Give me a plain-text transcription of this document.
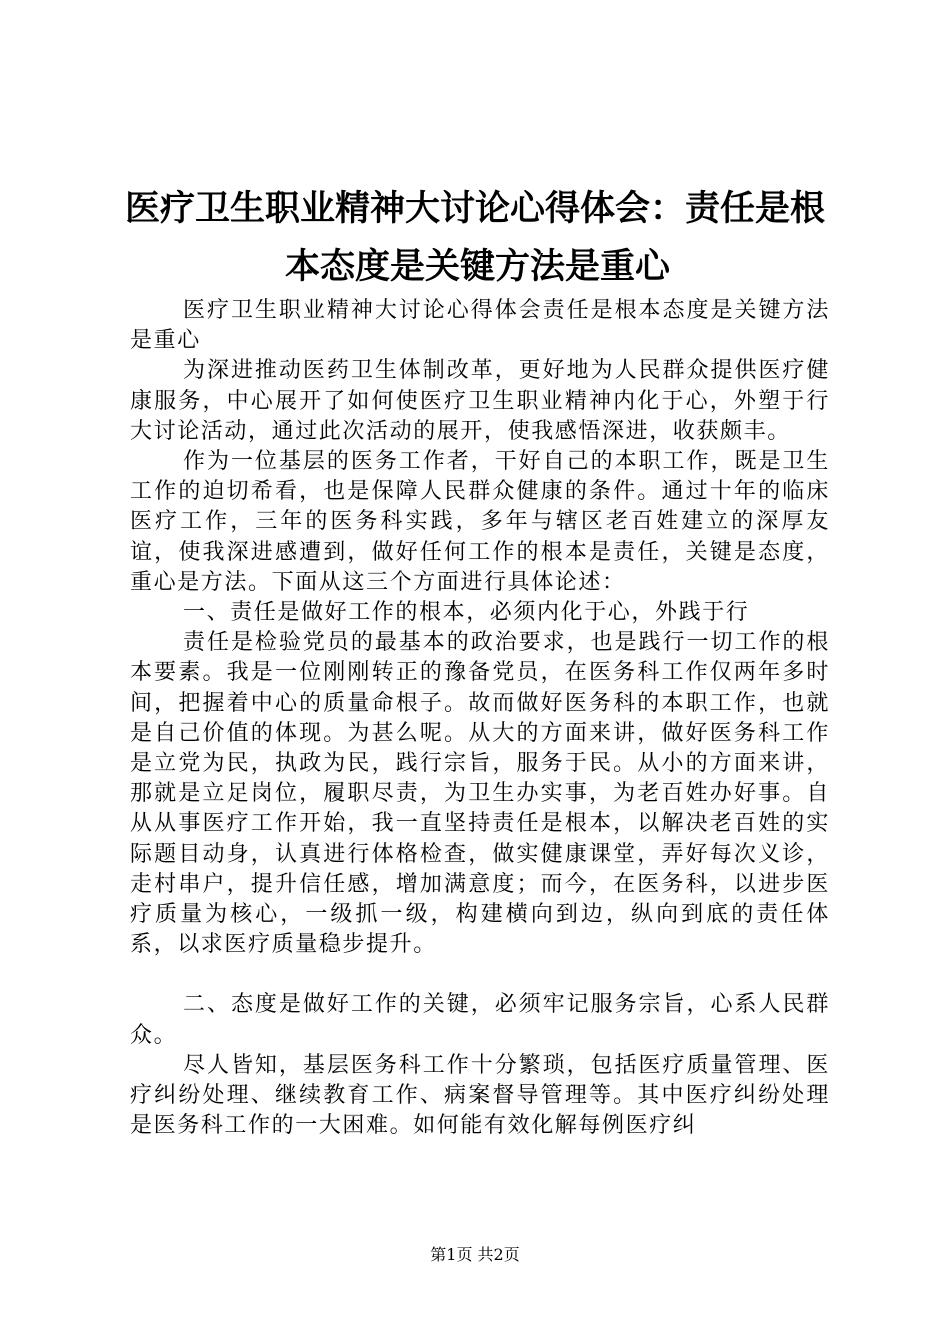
医疗卫生职业精神大讨论心得体会：责任是根
本态度是关键方法是重心

医疗卫生职业精神大讨论心得体会责任是根本态度是关键方法是重心

为深进推动医药卫生体制改革，更好地为人民群众提供医疗健康服务，中心展开了如何使医疗卫生职业精神内化于心，外塑于行大讨论活动，通过此次活动的展开，使我感悟深进，收获颇丰。

作为一位基层的医务工作者，干好自己的本职工作，既是卫生工作的迫切希看，也是保障人民群众健康的条件。通过十年的临床医疗工作，三年的医务科实践，多年与辖区老百姓建立的深厚友谊，使我深进感遭到，做好任何工作的根本是责任，关键是态度，重心是方法。下面从这三个方面进行具体论述：

一、责任是做好工作的根本，必须内化于心，外践于行

责任是检验党员的最基本的政治要求，也是践行一切工作的根本要素。我是一位刚刚转正的豫备党员，在医务科工作仅两年多时间，把握着中心的质量命根子。故而做好医务科的本职工作，也就是自己价值的体现。为甚么呢。从大的方面来讲，做好医务科工作是立党为民，执政为民，践行宗旨，服务于民。从小的方面来讲，那就是立足岗位，履职尽责，为卫生办实事，为老百姓办好事。自从从事医疗工作开始，我一直坚持责任是根本，以解决老百姓的实际题目动身，认真进行体格检查，做实健康课堂，弄好每次义诊，走村串户，提升信任感，增加满意度；而今，在医务科，以进步医疗质量为核心，一级抓一级，构建横向到边，纵向到底的责任体系，以求医疗质量稳步提升。

二、态度是做好工作的关键，必须牢记服务宗旨，心系人民群众。

尽人皆知，基层医务科工作十分繁琐，包括医疗质量管理、医疗纠纷处理、继续教育工作、病案督导管理等。其中医疗纠纷处理是医务科工作的一大困难。如何能有效化解每例医疗纠

第1页 共2页
